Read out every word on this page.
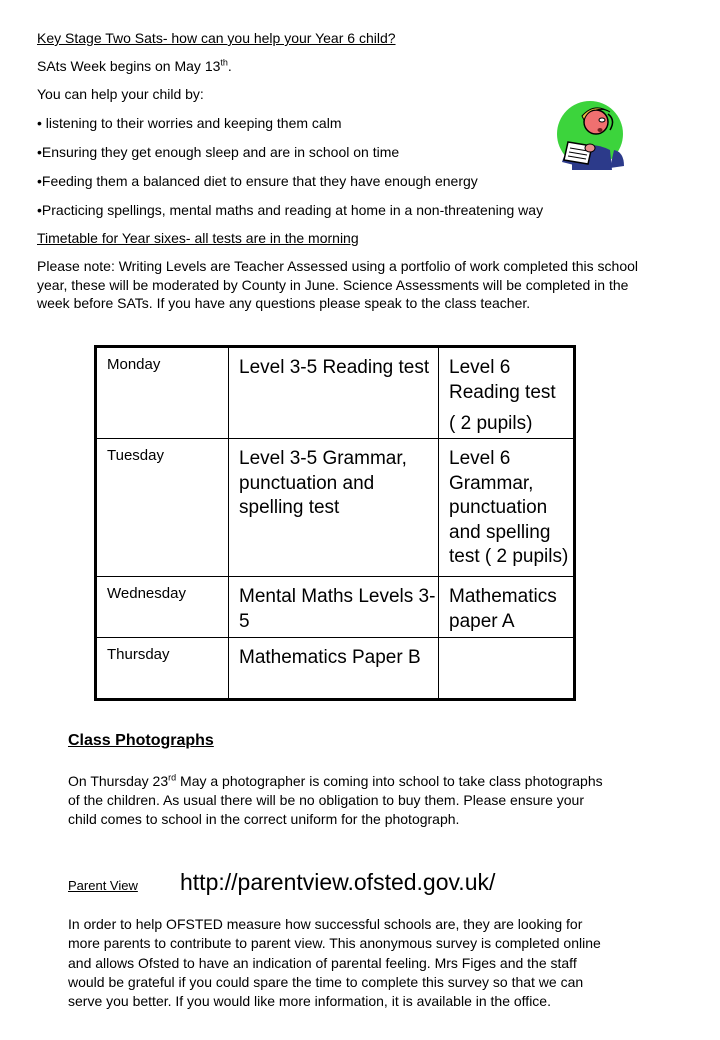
Key Stage Two Sats- how can you help your Year 6 child?

SAts Week begins on May 13th.

You can help your child by:

• listening to their worries and keeping them calm

•Ensuring they get enough sleep and are in school on time

•Feeding them a balanced diet to ensure that they have enough energy

•Practicing spellings, mental maths and reading at home in a non-threatening way

Timetable for Year sixes- all tests are in the morning

Please note: Writing Levels are Teacher Assessed using a portfolio of work completed this school year, these will be moderated by County in June. Science Assessments will be completed in the week before SATs. If you have any questions please speak to the class teacher.

Monday	Level 3-5 Reading test	Level 6 Reading test
( 2 pupils)
Tuesday	Level 3-5 Grammar, punctuation and spelling test	Level 6 Grammar, punctuation and spelling test ( 2 pupils)
Wednesday	Mental Maths Levels 3-5	Mathematics paper A
Thursday	Mathematics Paper B	

Class Photographs

On Thursday 23rd May a photographer is coming into school to take class photographs of the children. As usual there will be no obligation to buy them. Please ensure your child comes to school in the correct uniform for the photograph.

Parent View http://parentview.ofsted.gov.uk/

In order to help OFSTED measure how successful schools are, they are looking for more parents to contribute to parent view. This anonymous survey is completed online and allows Ofsted to have an indication of parental feeling. Mrs Figes and the staff would be grateful if you could spare the time to complete this survey so that we can serve you better. If you would like more information, it is available in the office.
